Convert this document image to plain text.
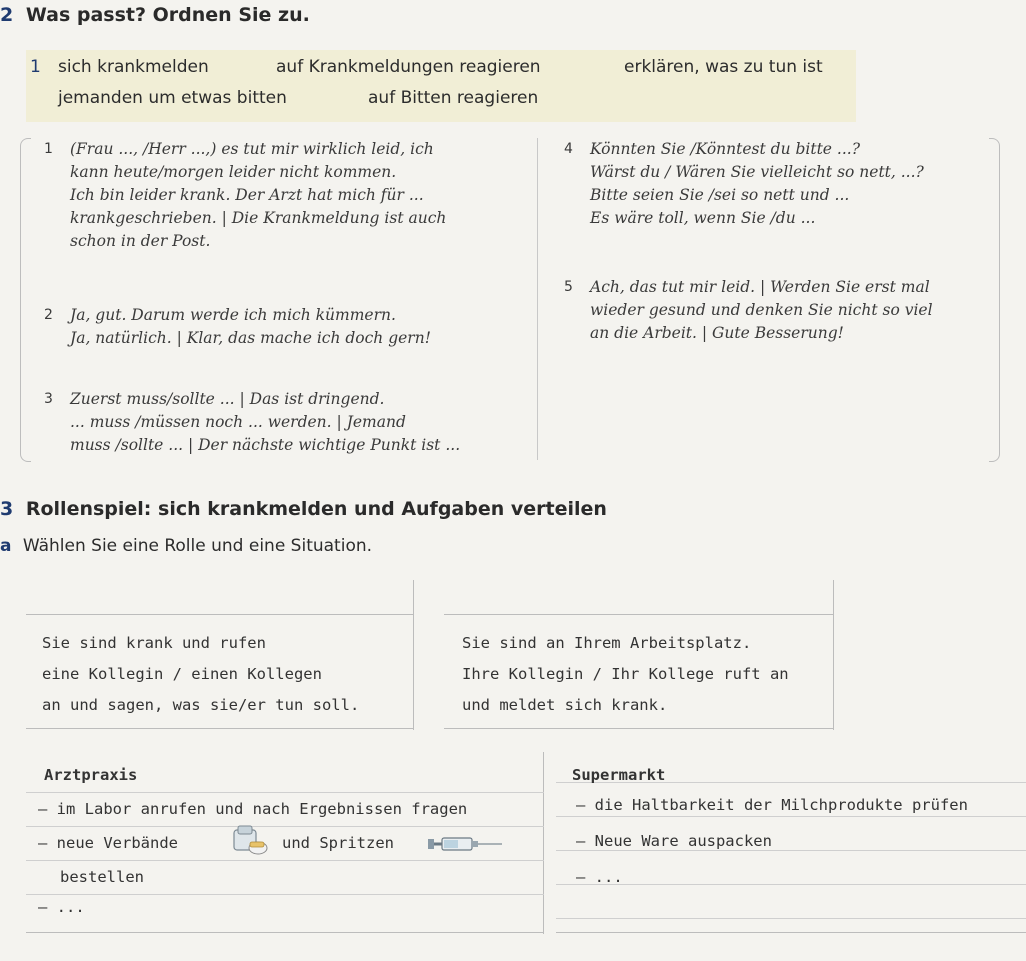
2 Was passt? Ordnen Sie zu.
1 sich krankmelden	auf Krankmeldungen reagieren	erklären, was zu tun ist
jemanden um etwas bitten	auf Bitten reagieren
1 (Frau ..., /Herr ...,) es tut mir wirklich leid, ich
kann heute/morgen leider nicht kommen.
Ich bin leider krank. Der Arzt hat mich für ...
krankgeschrieben. | Die Krankmeldung ist auch
schon in der Post.
2 Ja, gut. Darum werde ich mich kümmern.
Ja, natürlich. | Klar, das mache ich doch gern!
3 Zuerst muss/sollte ... | Das ist dringend.
... muss /müssen noch ... werden. | Jemand
muss /sollte ... | Der nächste wichtige Punkt ist ...
4 Könnten Sie /Könntest du bitte ...?
Wärst du / Wären Sie vielleicht so nett, ...?
Bitte seien Sie /sei so nett und ...
Es wäre toll, wenn Sie /du ...
5 Ach, das tut mir leid. | Werden Sie erst mal
wieder gesund und denken Sie nicht so viel
an die Arbeit. | Gute Besserung!
3 Rollenspiel: sich krankmelden und Aufgaben verteilen
a Wählen Sie eine Rolle und eine Situation.
Sie sind krank und rufen
eine Kollegin / einen Kollegen
an und sagen, was sie/er tun soll.
Sie sind an Ihrem Arbeitsplatz.
Ihre Kollegin / Ihr Kollege ruft an
und meldet sich krank.
Arztpraxis
– im Labor anrufen und nach Ergebnissen fragen
– neue Verbände	und Spritzen
bestellen
– ...
Supermarkt
– die Haltbarkeit der Milchprodukte prüfen
– Neue Ware auspacken
– ...
